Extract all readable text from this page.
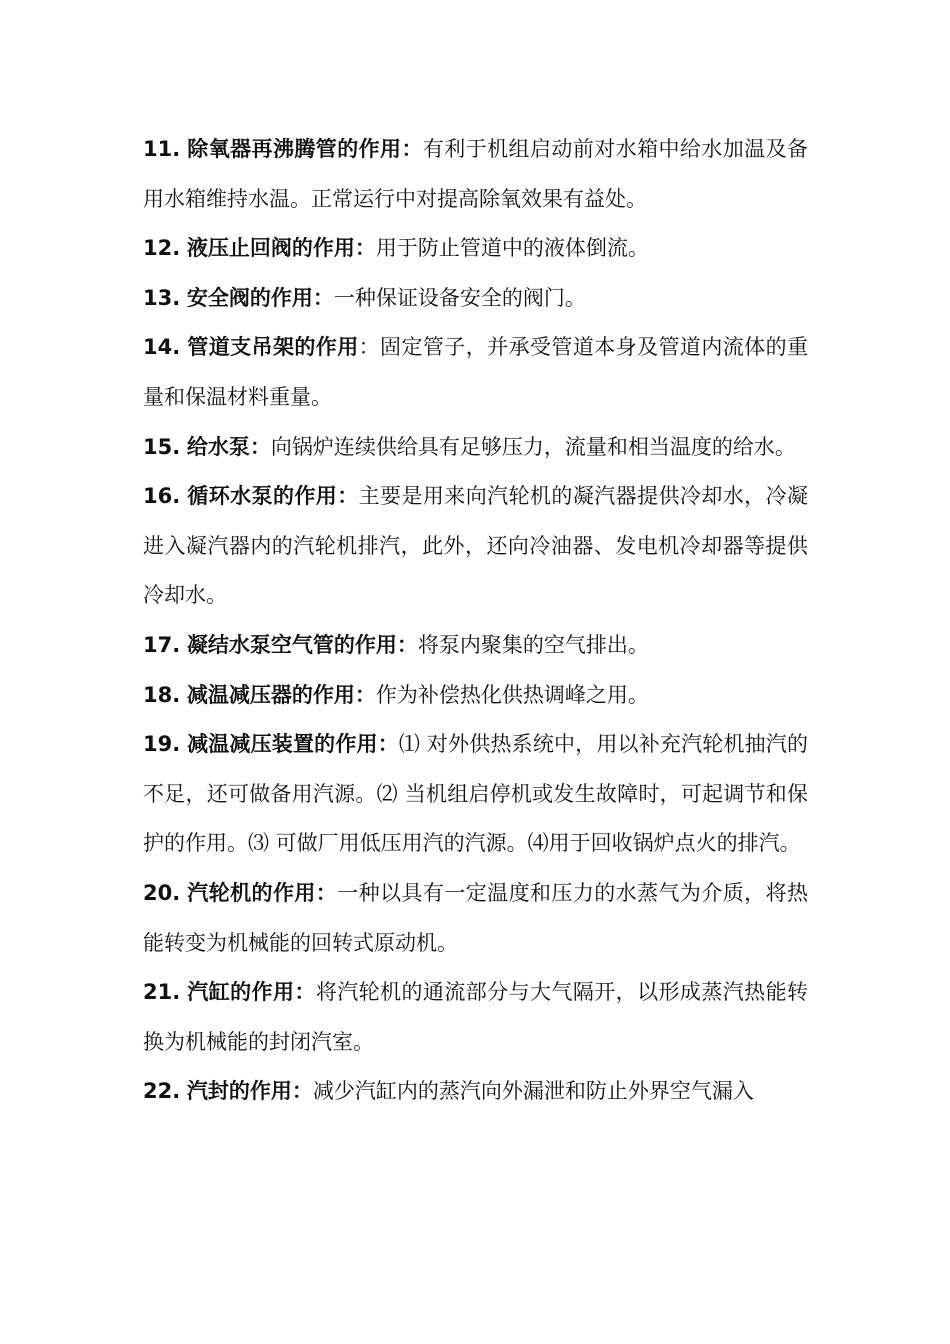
11. 除氧器再沸腾管的作用：有利于机组启动前对水箱中给水加温及备用水箱维持水温。正常运行中对提高除氧效果有益处。

12. 液压止回阀的作用：用于防止管道中的液体倒流。

13. 安全阀的作用：一种保证设备安全的阀门。

14. 管道支吊架的作用：固定管子，并承受管道本身及管道内流体的重量和保温材料重量。

15. 给水泵：向锅炉连续供给具有足够压力，流量和相当温度的给水。

16. 循环水泵的作用：主要是用来向汽轮机的凝汽器提供冷却水，冷凝进入凝汽器内的汽轮机排汽，此外，还向冷油器、发电机冷却器等提供冷却水。

17. 凝结水泵空气管的作用：将泵内聚集的空气排出。

18. 减温减压器的作用：作为补偿热化供热调峰之用。

19. 减温减压装置的作用：⑴ 对外供热系统中，用以补充汽轮机抽汽的不足，还可做备用汽源。⑵ 当机组启停机或发生故障时，可起调节和保护的作用。⑶ 可做厂用低压用汽的汽源。⑷用于回收锅炉点火的排汽。

20. 汽轮机的作用：一种以具有一定温度和压力的水蒸气为介质，将热能转变为机械能的回转式原动机。

21. 汽缸的作用：将汽轮机的通流部分与大气隔开，以形成蒸汽热能转换为机械能的封闭汽室。

22. 汽封的作用：减少汽缸内的蒸汽向外漏泄和防止外界空气漏入
